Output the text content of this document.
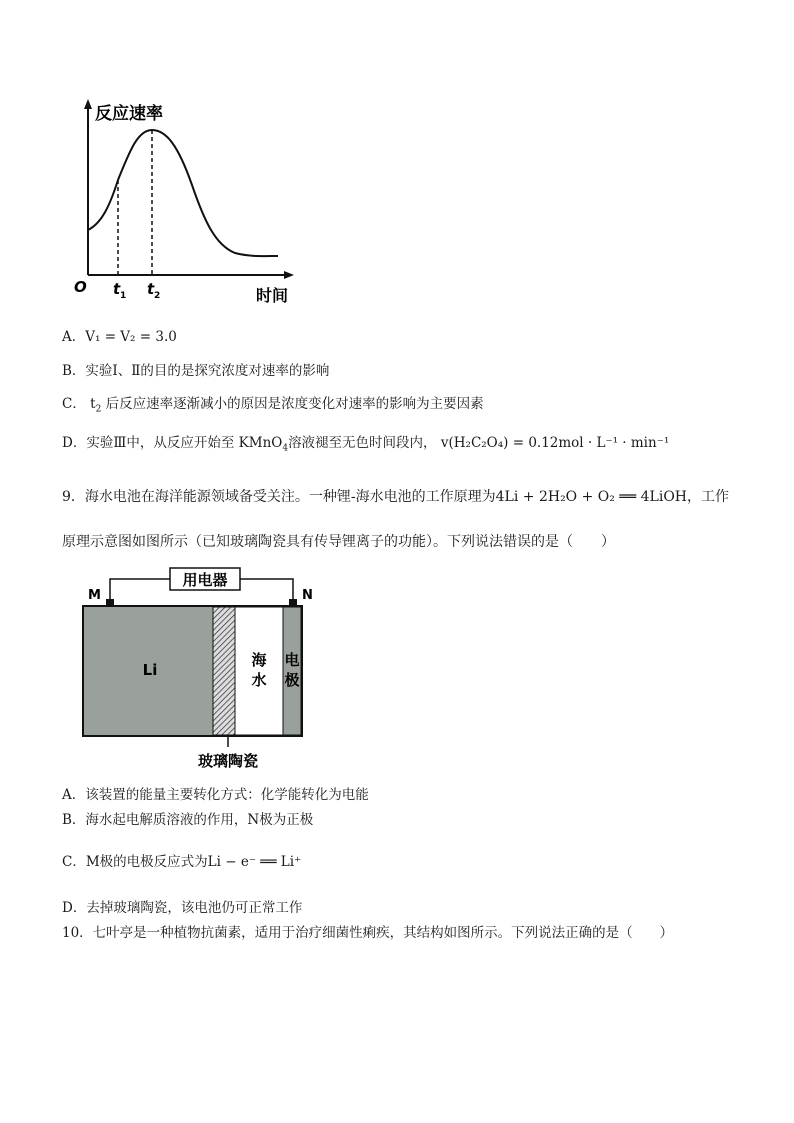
反应速率
O t 1 t 2	时间
A．V₁ = V₂ = 3.0
B．实验Ⅰ、Ⅱ的目的是探究浓度对速率的影响
C． $t_2$ 后反应速率逐渐减小的原因是浓度变化对速率的影响为主要因素
D．实验Ⅲ中，从反应开始至 KMnO$_4$溶液褪至无色时间段内， v(H₂C₂O₄) = 0.12mol · L⁻¹ · min⁻¹
9．海水电池在海洋能源领域备受关注。一种锂-海水电池的工作原理为4Li + 2H₂O + O₂ ══ 4LiOH，工作
原理示意图如图所示（已知玻璃陶瓷具有传导锂离子的功能）。下列说法错误的是（　　）
用电器
M	N
Li
海
水
电
极
玻璃陶瓷
A．该装置的能量主要转化方式：化学能转化为电能
B．海水起电解质溶液的作用，N极为正极
C．M极的电极反应式为Li − e⁻ ══ Li⁺
D．去掉玻璃陶瓷，该电池仍可正常工作
10．七叶亭是一种植物抗菌素，适用于治疗细菌性痢疾，其结构如图所示。下列说法正确的是（　　）
